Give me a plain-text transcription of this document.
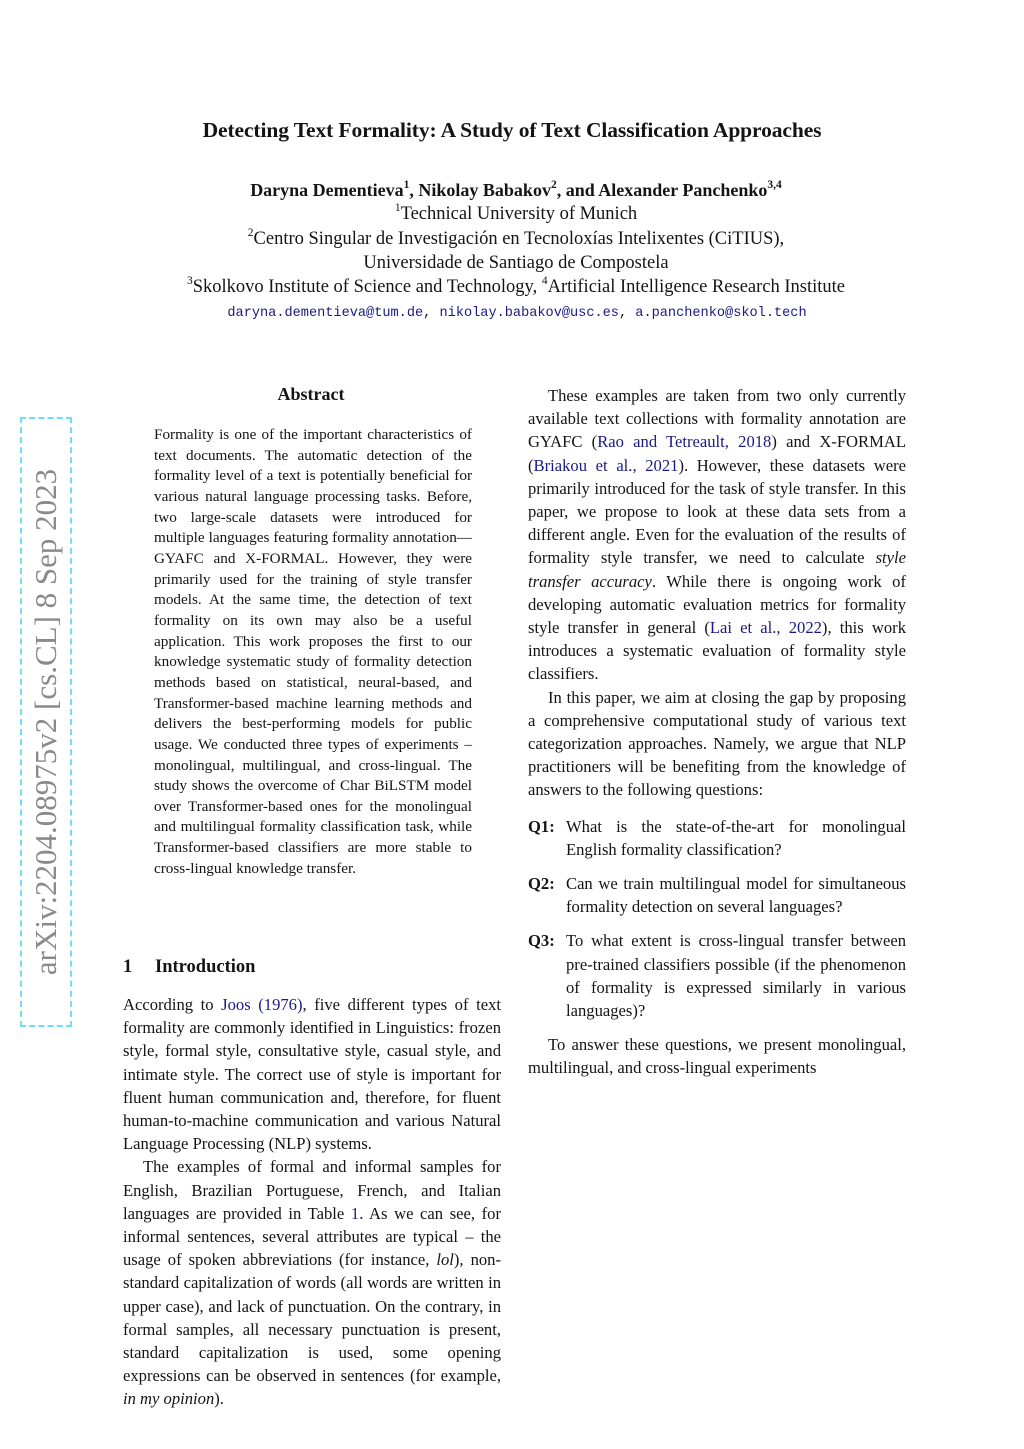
Detecting Text Formality: A Study of Text Classification Approaches
Daryna Dementieva$^1$, Nikolay Babakov$^2$, and Alexander Panchenko$^{3,4}$
$^1$Technical University of Munich
$^2$Centro Singular de Investigación en Tecnoloxías Intelixentes (CiTIUS),
Universidade de Santiago de Compostela
$^3$Skolkovo Institute of Science and Technology, $^4$Artificial Intelligence Research Institute
daryna.dementieva@tum.de, nikolay.babakov@usc.es, a.panchenko@skol.tech
arXiv:2204.08975v2 [cs.CL] 8 Sep 2023
Abstract
Formality is one of the important characteristics of text documents. The automatic detection of the formality level of a text is potentially beneficial for various natural language processing tasks. Before, two large-scale datasets were introduced for multiple languages featuring formality annotation—GYAFC and X-FORMAL. However, they were primarily used for the training of style transfer models. At the same time, the detection of text formality on its own may also be a useful application. This work proposes the first to our knowledge systematic study of formality detection methods based on statistical, neural-based, and Transformer-based machine learning methods and delivers the best-performing models for public usage. We conducted three types of experiments – monolingual, multilingual, and cross-lingual. The study shows the overcome of Char BiLSTM model over Transformer-based ones for the monolingual and multilingual formality classification task, while Transformer-based classifiers are more stable to cross-lingual knowledge transfer.
1 Introduction

According to Joos (1976), five different types of text formality are commonly identified in Linguistics: frozen style, formal style, consultative style, casual style, and intimate style. The correct use of style is important for fluent human communication and, therefore, for fluent human-to-machine communication and various Natural Language Processing (NLP) systems.

The examples of formal and informal samples for English, Brazilian Portuguese, French, and Italian languages are provided in Table 1. As we can see, for informal sentences, several attributes are typical – the usage of spoken abbreviations (for instance, lol), non-standard capitalization of words (all words are written in upper case), and lack of punctuation. On the contrary, in formal samples, all necessary punctuation is present, standard capitalization is used, some opening expressions can be observed in sentences (for example, in my opinion).

These examples are taken from two only currently available text collections with formality annotation are GYAFC (Rao and Tetreault, 2018) and X-FORMAL (Briakou et al., 2021). However, these datasets were primarily introduced for the task of style transfer. In this paper, we propose to look at these data sets from a different angle. Even for the evaluation of the results of formality style transfer, we need to calculate style transfer accuracy. While there is ongoing work of developing automatic evaluation metrics for formality style transfer in general (Lai et al., 2022), this work introduces a systematic evaluation of formality style classifiers.

In this paper, we aim at closing the gap by proposing a comprehensive computational study of various text categorization approaches. Namely, we argue that NLP practitioners will be benefiting from the knowledge of answers to the following questions:

Q1: What is the state-of-the-art for monolingual English formality classification?
Q2: Can we train multilingual model for simultaneous formality detection on several languages?
Q3: To what extent is cross-lingual transfer between pre-trained classifiers possible (if the phenomenon of formality is expressed similarly in various languages)?

To answer these questions, we present monolingual, multilingual, and cross-lingual experiments
